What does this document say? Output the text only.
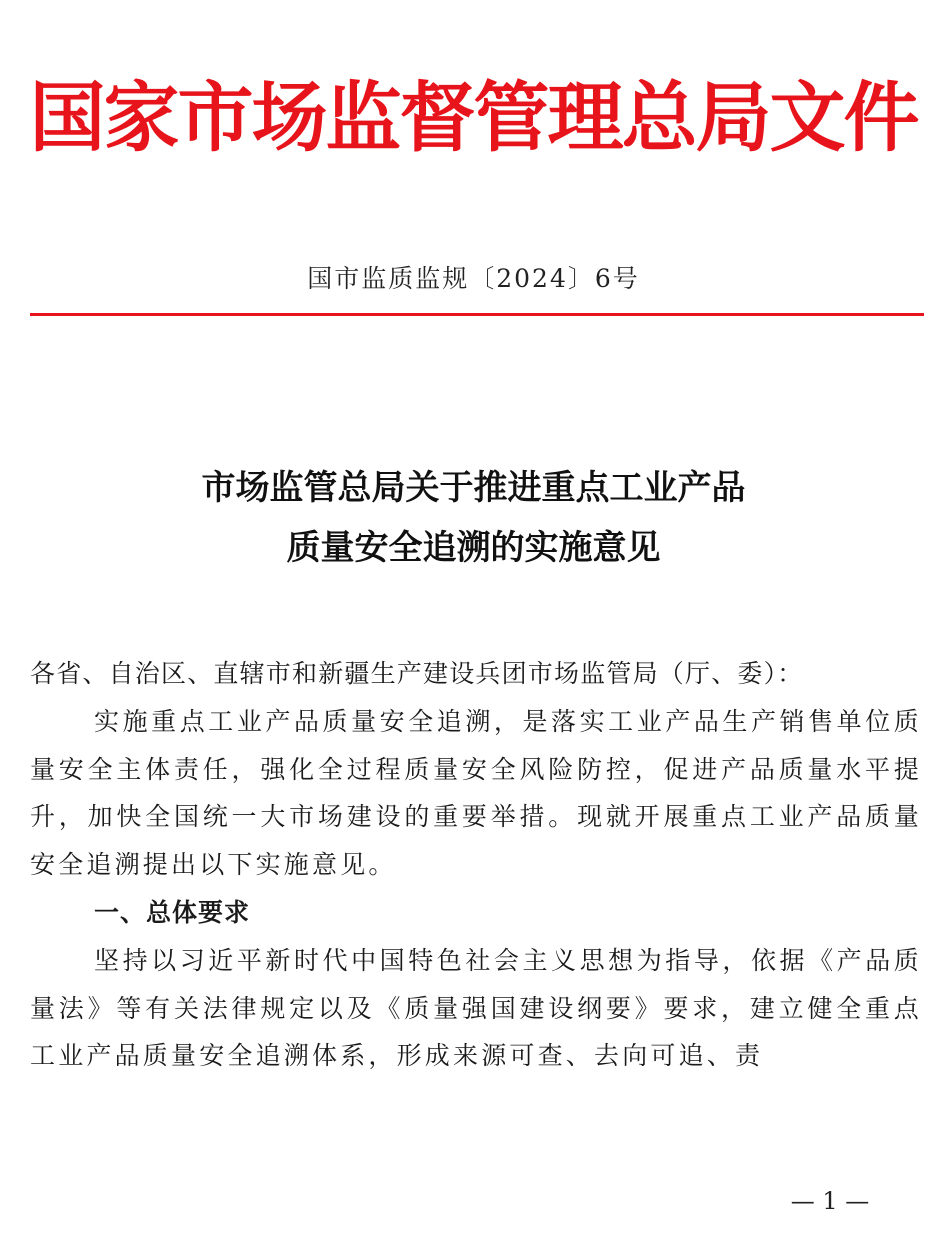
国家市场监督管理总局文件
国市监质监规〔2024〕6号
市场监管总局关于推进重点工业产品
质量安全追溯的实施意见

各省、自治区、直辖市和新疆生产建设兵团市场监管局（厅、委）：

实施重点工业产品质量安全追溯，是落实工业产品生产销售单位质量安全主体责任，强化全过程质量安全风险防控，促进产品质量水平提升，加快全国统一大市场建设的重要举措。现就开展重点工业产品质量安全追溯提出以下实施意见。

一、总体要求

坚持以习近平新时代中国特色社会主义思想为指导，依据《产品质量法》等有关法律规定以及《质量强国建设纲要》要求，建立健全重点工业产品质量安全追溯体系，形成来源可查、去向可追、责

— 1 —
